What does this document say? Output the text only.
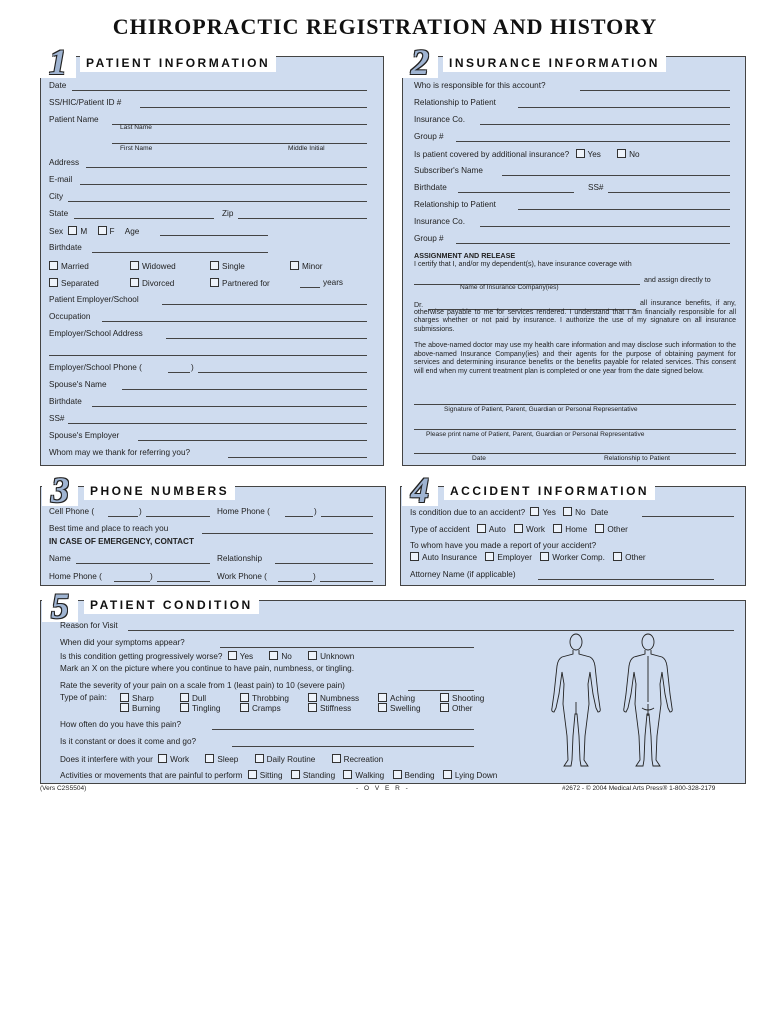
CHIROPRACTIC REGISTRATION AND HISTORY
1	PATIENT INFORMATION
Date
SS/HIC/Patient ID #
Patient Name
Last Name
First Name	Middle Initial
Address
E-mail
City
State	Zip
Sex M	F Age
Birthdate
Married	Widowed	Single	Minor
Separated	Divorced	Partnered for	years
Patient Employer/School
Occupation
Employer/School Address
Employer/School Phone (	)
Spouse's Name
Birthdate
SS#
Spouse's Employer
Whom may we thank for referring you?
2	INSURANCE INFORMATION
Who is responsible for this account?
Relationship to Patient
Insurance Co.
Group #
Is patient covered by additional insurance? Yes	No
Subscriber's Name
Birthdate	SS#
Relationship to Patient
Insurance Co.
Group #
ASSIGNMENT AND RELEASE
I certify that I, and/or my dependent(s), have insurance coverage with
and assign directly to
Name of Insurance Company(ies)
Dr.	all insurance benefits, if any, otherwise payable to me for services rendered. I understand that I am financially responsible for all charges whether or not paid by insurance. I authorize the use of my signature on all insurance submissions.
The above-named doctor may use my health care information and may disclose such information to the above-named Insurance Company(ies) and their agents for the purpose of obtaining payment for services and determining insurance benefits or the benefits payable for related services. This consent will end when my current treatment plan is completed or one year from the date signed below.
Signature of Patient, Parent, Guardian or Personal Representative
Please print name of Patient, Parent, Guardian or Personal Representative
Date	Relationship to Patient
3	PHONE NUMBERS
Cell Phone (	)	Home Phone (	)
Best time and place to reach you
IN CASE OF EMERGENCY, CONTACT
Name	Relationship
Home Phone (	)	Work Phone (	)
4	ACCIDENT INFORMATION
Is condition due to an accident? Yes No Date
Type of accident Auto Work Home Other
To whom have you made a report of your accident?
Auto Insurance Employer Worker Comp. Other
Attorney Name (if applicable)
5	PATIENT CONDITION
Reason for Visit
When did your symptoms appear?
Is this condition getting progressively worse? Yes	No	Unknown
Mark an X on the picture where you continue to have pain, numbness, or tingling.
Rate the severity of your pain on a scale from 1 (least pain) to 10 (severe pain)
Type of pain:	Sharp	Dull	Throbbing	Numbness	Aching	Shooting
Burning	Tingling	Cramps	Stiffness	Swelling	Other
How often do you have this pain?
Is it constant or does it come and go?
Does it interfere with your Work	Sleep	Daily Routine	Recreation
Activities or movements that are painful to perform Sitting Standing Walking Bending Lying Down
(Vers C2S5504)	- O V E R -	#2672 - © 2004 Medical Arts Press® 1-800-328-2179
